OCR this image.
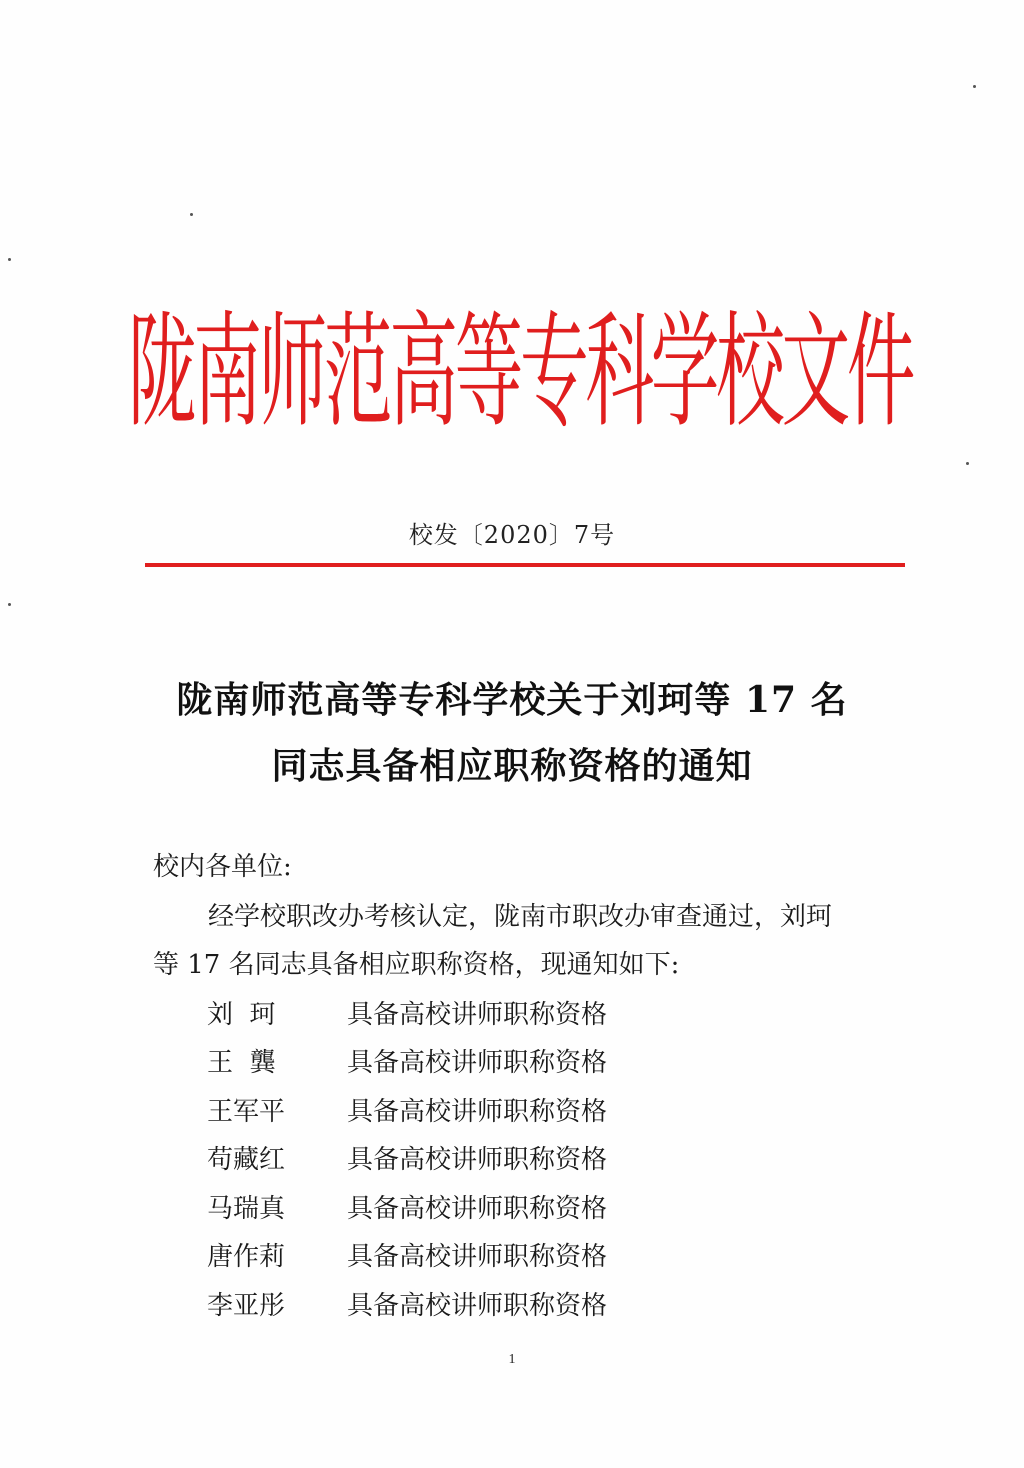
陇南师范高等专科学校文件
校发〔2020〕7号
陇南师范高等专科学校关于刘珂等 17 名
同志具备相应职称资格的通知
校内各单位:
经学校职改办考核认定，陇南市职改办审查通过，刘珂
等 17 名同志具备相应职称资格，现通知如下:
刘  珂	具备高校讲师职称资格
王  龔	具备高校讲师职称资格
王军平	具备高校讲师职称资格
苟藏红	具备高校讲师职称资格
马瑞真	具备高校讲师职称资格
唐作莉	具备高校讲师职称资格
李亚彤	具备高校讲师职称资格
1
